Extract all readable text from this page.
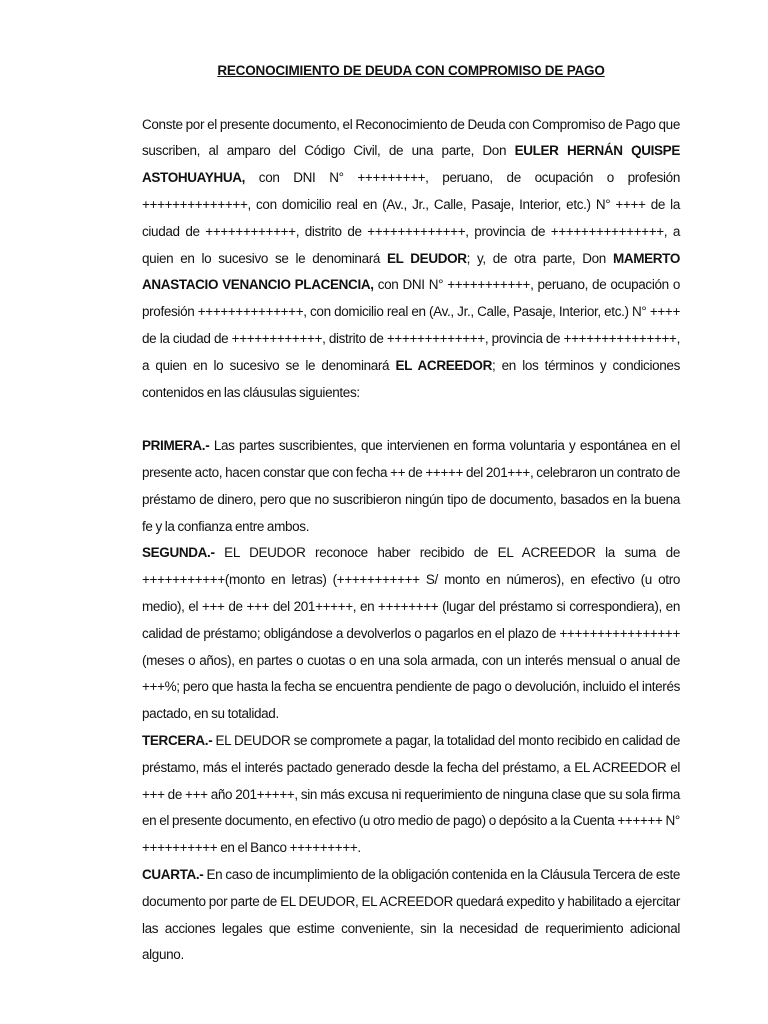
RECONOCIMIENTO DE DEUDA CON COMPROMISO DE PAGO

Conste por el presente documento, el Reconocimiento de Deuda con Compromiso de Pago que suscriben, al amparo del Código Civil, de una parte, Don EULER HERNÁN QUISPE ASTOHUAYHUA, con DNI N° +++++++++, peruano, de ocupación o profesión ++++++++++++++, con domicilio real en (Av., Jr., Calle, Pasaje, Interior, etc.) N° ++++ de la ciudad de ++++++++++++, distrito de +++++++++++++, provincia de +++++++++++++++, a quien en lo sucesivo se le denominará EL DEUDOR; y, de otra parte, Don MAMERTO ANASTACIO VENANCIO PLACENCIA, con DNI N° +++++++++++, peruano, de ocupación o profesión ++++++++++++++, con domicilio real en (Av., Jr., Calle, Pasaje, Interior, etc.) N° ++++ de la ciudad de ++++++++++++, distrito de +++++++++++++, provincia de +++++++++++++++, a quien en lo sucesivo se le denominará EL ACREEDOR; en los términos y condiciones contenidos en las cláusulas siguientes:

PRIMERA.- Las partes suscribientes, que intervienen en forma voluntaria y espontánea en el presente acto, hacen constar que con fecha ++ de +++++ del 201+++, celebraron un contrato de préstamo de dinero, pero que no suscribieron ningún tipo de documento, basados en la buena fe y la confianza entre ambos.

SEGUNDA.- EL DEUDOR reconoce haber recibido de EL ACREEDOR la suma de +++++++++++(monto en letras) (+++++++++++ S/ monto en números), en efectivo (u otro medio), el +++ de +++ del 201+++++, en ++++++++ (lugar del préstamo si correspondiera), en calidad de préstamo; obligándose a devolverlos o pagarlos en el plazo de ++++++++++++++++ (meses o años), en partes o cuotas o en una sola armada, con un interés mensual o anual de +++%; pero que hasta la fecha se encuentra pendiente de pago o devolución, incluido el interés pactado, en su totalidad.

TERCERA.- EL DEUDOR se compromete a pagar, la totalidad del monto recibido en calidad de préstamo, más el interés pactado generado desde la fecha del préstamo, a EL ACREEDOR el +++ de +++ año 201+++++, sin más excusa ni requerimiento de ninguna clase que su sola firma en el presente documento, en efectivo (u otro medio de pago) o depósito a la Cuenta ++++++ N° ++++++++++ en el Banco +++++++++.

CUARTA.- En caso de incumplimiento de la obligación contenida en la Cláusula Tercera de este documento por parte de EL DEUDOR, EL ACREEDOR quedará expedito y habilitado a ejercitar las acciones legales que estime conveniente, sin la necesidad de requerimiento adicional alguno.
